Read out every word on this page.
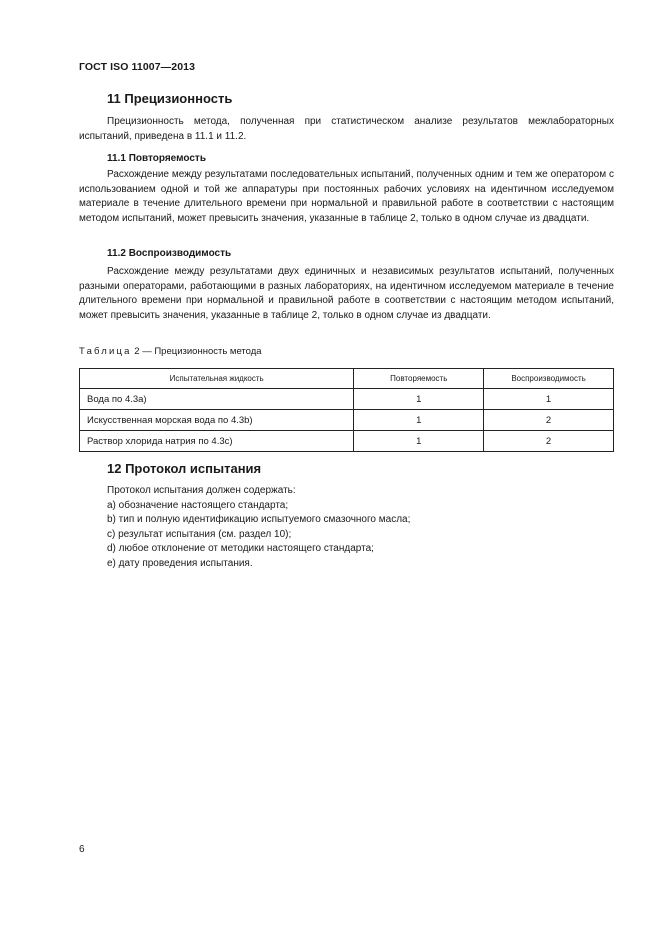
ГОСТ ISO 11007—2013
11 Прецизионность

Прецизионность метода, полученная при статистическом анализе результатов межлабораторных испытаний, приведена в 11.1 и 11.2.

11.1 Повторяемость

Расхождение между результатами последовательных испытаний, полученных одним и тем же оператором с использованием одной и той же аппаратуры при постоянных рабочих условиях на идентичном исследуемом материале в течение длительного времени при нормальной и правильной работе в соответствии с настоящим методом испытаний, может превысить значения, указанные в таблице 2, только в одном случае из двадцати.

11.2 Воспроизводимость

Расхождение между результатами двух единичных и независимых результатов испытаний, полученных разными операторами, работающими в разных лабораториях, на идентичном исследуемом материале в течение длительного времени при нормальной и правильной работе в соответствии с настоящим методом испытаний, может превысить значения, указанные в таблице 2, только в одном случае из двадцати.

Таблица 2 — Прецизионность метода
Испытательная жидкость	Повторяемость	Воспроизводимость
Вода по 4.3а)	1	1
Искусственная морская вода по 4.3b)	1	2
Раствор хлорида натрия по 4.3с)	1	2
12 Протокол испытания
Протокол испытания должен содержать:
a) обозначение настоящего стандарта;
b) тип и полную идентификацию испытуемого смазочного масла;
c) результат испытания (см. раздел 10);
d) любое отклонение от методики настоящего стандарта;
e) дату проведения испытания.
6
